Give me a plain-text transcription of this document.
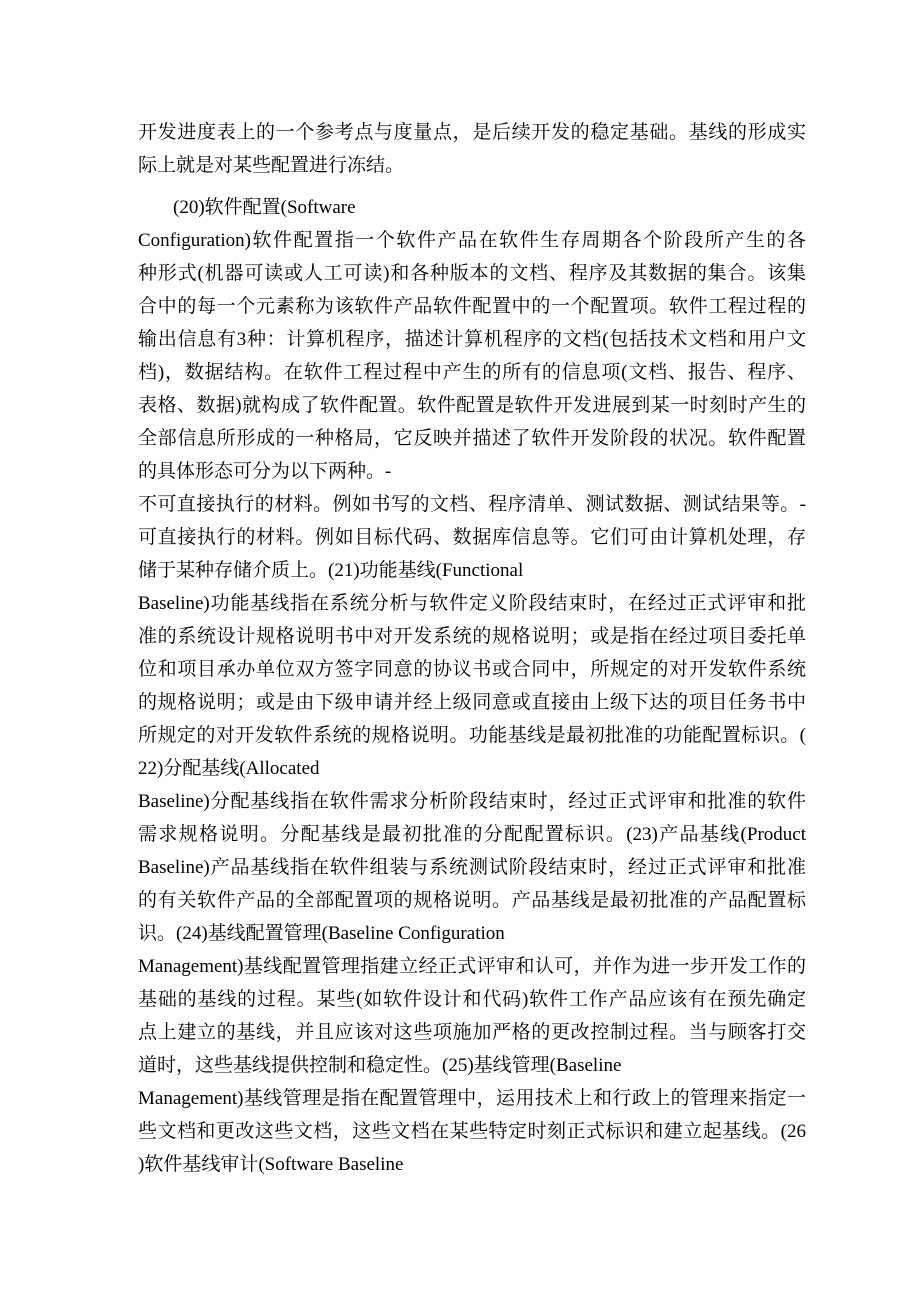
开发进度表上的一个参考点与度量点，是后续开发的稳定基础。基线的形成实
际上就是对某些配置进行冻结。
(20)软件配置(Software
Configuration)软件配置指一个软件产品在软件生存周期各个阶段所产生的各
种形式(机器可读或人工可读)和各种版本的文档、程序及其数据的集合。该集
合中的每一个元素称为该软件产品软件配置中的一个配置项。软件工程过程的
输出信息有3种：计算机程序，描述计算机程序的文档(包括技术文档和用户文
档)，数据结构。在软件工程过程中产生的所有的信息项(文档、报告、程序、
表格、数据)就构成了软件配置。软件配置是软件开发进展到某一时刻时产生的
全部信息所形成的一种格局，它反映并描述了软件开发阶段的状况。软件配置
的具体形态可分为以下两种。-
不可直接执行的材料。例如书写的文档、程序清单、测试数据、测试结果等。-
可直接执行的材料。例如目标代码、数据库信息等。它们可由计算机处理，存
储于某种存储介质上。(21)功能基线(Functional
Baseline)功能基线指在系统分析与软件定义阶段结束时，在经过正式评审和批
准的系统设计规格说明书中对开发系统的规格说明；或是指在经过项目委托单
位和项目承办单位双方签字同意的协议书或合同中，所规定的对开发软件系统
的规格说明；或是由下级申请并经上级同意或直接由上级下达的项目任务书中
所规定的对开发软件系统的规格说明。功能基线是最初批准的功能配置标识。(
22)分配基线(Allocated
Baseline)分配基线指在软件需求分析阶段结束时，经过正式评审和批准的软件
需求规格说明。分配基线是最初批准的分配配置标识。(23)产品基线(Product
Baseline)产品基线指在软件组装与系统测试阶段结束时，经过正式评审和批准
的有关软件产品的全部配置项的规格说明。产品基线是最初批准的产品配置标
识。(24)基线配置管理(Baseline Configuration
Management)基线配置管理指建立经正式评审和认可，并作为进一步开发工作的
基础的基线的过程。某些(如软件设计和代码)软件工作产品应该有在预先确定
点上建立的基线，并且应该对这些项施加严格的更改控制过程。当与顾客打交
道时，这些基线提供控制和稳定性。(25)基线管理(Baseline
Management)基线管理是指在配置管理中，运用技术上和行政上的管理来指定一
些文档和更改这些文档，这些文档在某些特定时刻正式标识和建立起基线。(26
)软件基线审计(Software Baseline
